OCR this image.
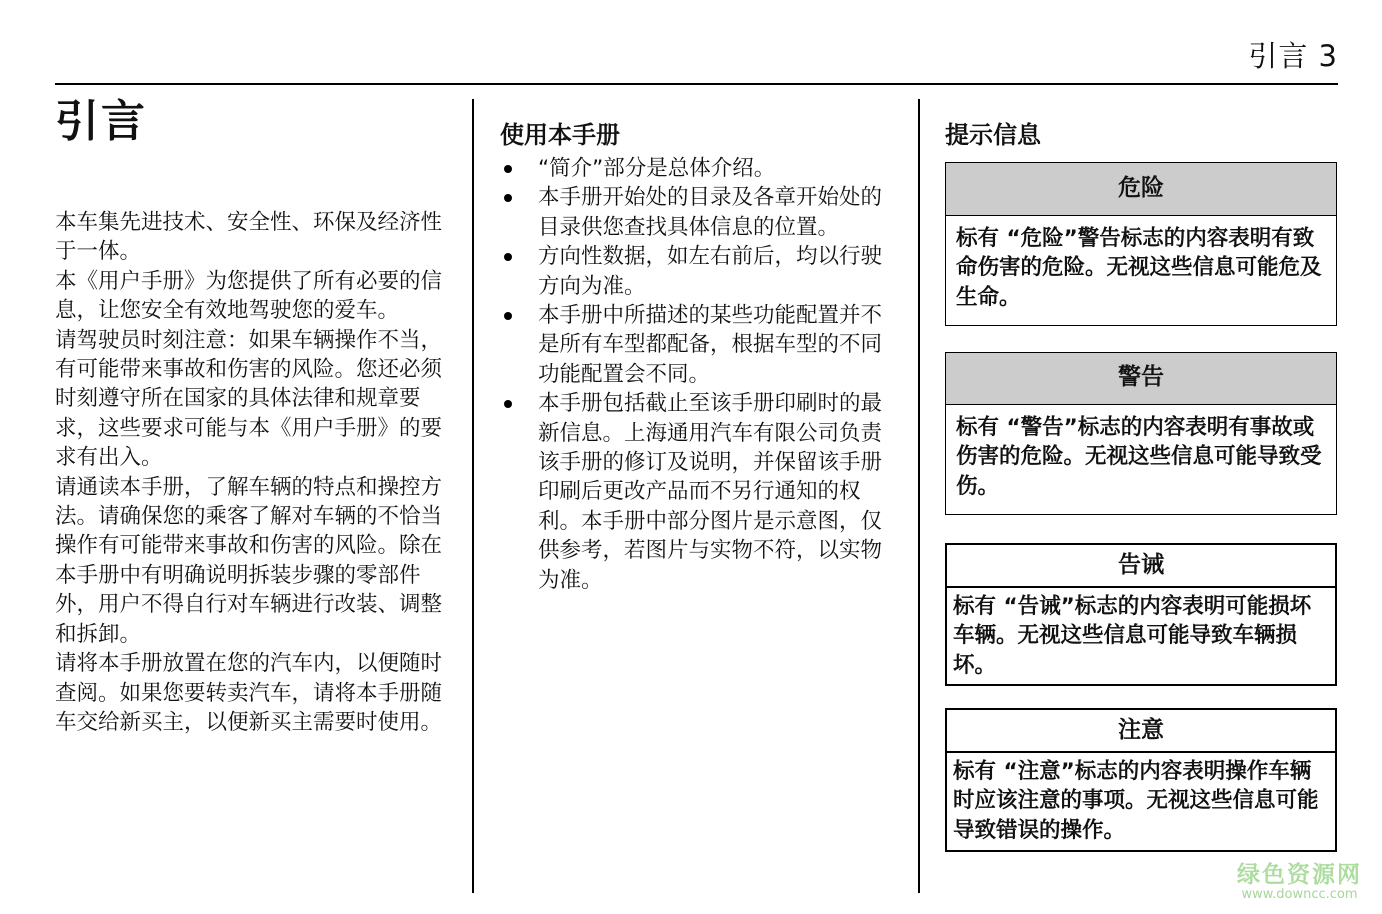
引言 3
引言

本车集先进技术、安全性、环保及经济性于一体。

本《用户手册》为您提供了所有必要的信息，让您安全有效地驾驶您的爱车。

请驾驶员时刻注意：如果车辆操作不当，有可能带来事故和伤害的风险。您还必须时刻遵守所在国家的具体法律和规章要求，这些要求可能与本《用户手册》的要求有出入。

请通读本手册，了解车辆的特点和操控方法。请确保您的乘客了解对车辆的不恰当操作有可能带来事故和伤害的风险。除在本手册中有明确说明拆装步骤的零部件外，用户不得自行对车辆进行改装、调整和拆卸。

请将本手册放置在您的汽车内，以便随时查阅。如果您要转卖汽车，请将本手册随车交给新买主，以便新买主需要时使用。

使用本手册
“简介”部分是总体介绍。
本手册开始处的目录及各章开始处的目录供您查找具体信息的位置。
方向性数据，如左右前后，均以行驶方向为准。
本手册中所描述的某些功能配置并不是所有车型都配备，根据车型的不同功能配置会不同。
本手册包括截止至该手册印刷时的最新信息。上海通用汽车有限公司负责该手册的修订及说明，并保留该手册印刷后更改产品而不另行通知的权利。本手册中部分图片是示意图，仅供参考，若图片与实物不符，以实物为准。
提示信息
危险
标有 “危险”警告标志的内容表明有致命伤害的危险。无视这些信息可能危及生命。
警告
标有 “警告”标志的内容表明有事故或伤害的危险。无视这些信息可能导致受伤。
告诫
标有 “告诫”标志的内容表明可能损坏车辆。无视这些信息可能导致车辆损坏。
注意
标有 “注意”标志的内容表明操作车辆时应该注意的事项。无视这些信息可能导致错误的操作。
绿色资源网
www.downcc.com
